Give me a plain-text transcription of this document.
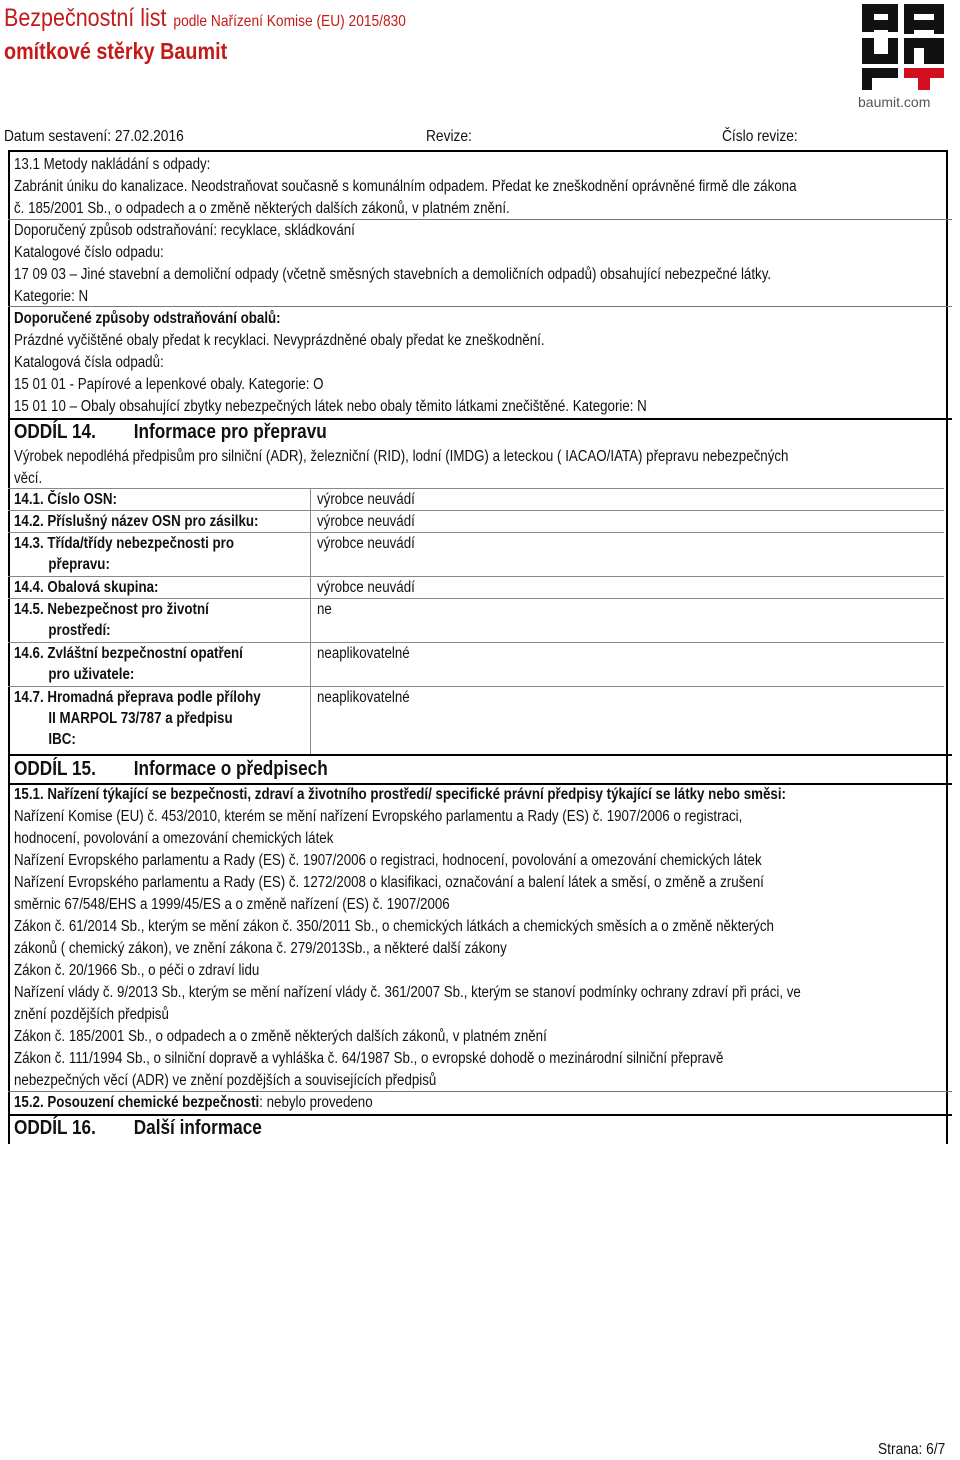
Bezpečnostní list podle Nařízení Komise (EU) 2015/830
omítkové stěrky Baumit
baumit.com
Datum sestavení: 27.02.2016	Revize:	Číslo revize:
13.1 Metody nakládání s odpady:
Zabránit úniku do kanalizace. Neodstraňovat současně s komunálním odpadem. Předat ke zneškodnění oprávněné firmě dle zákona
č. 185/2001 Sb., o odpadech a o změně některých dalších zákonů, v platném znění.
Doporučený způsob odstraňování: recyklace, skládkování
Katalogové číslo odpadu:
17 09 03 – Jiné stavební a demoliční odpady (včetně směsných stavebních a demoličních odpadů) obsahující nebezpečné látky.
Kategorie: N
Doporučené způsoby odstraňování obalů:
Prázdné vyčištěné obaly předat k recyklaci. Nevyprázdněné obaly předat ke zneškodnění.
Katalogová čísla odpadů:
15 01 01 - Papírové a lepenkové obaly. Kategorie: O
15 01 10 – Obaly obsahující zbytky nebezpečných látek nebo obaly těmito látkami znečištěné. Kategorie: N
ODDÍL 14. Informace pro přepravu
Výrobek nepodléhá předpisům pro silniční (ADR), železniční (RID), lodní (IMDG) a leteckou ( IACAO/IATA) přepravu nebezpečných
věcí.
14.1. Číslo OSN:	výrobce neuvádí
14.2. Příslušný název OSN pro zásilku:	výrobce neuvádí
14.3. Třída/třídy nebezpečnosti pro
přepravu:
výrobce neuvádí
14.4. Obalová skupina:	výrobce neuvádí
14.5. Nebezpečnost pro životní
prostředí:
ne
14.6. Zvláštní bezpečnostní opatření
pro uživatele:
neaplikovatelné
14.7. Hromadná přeprava podle přílohy
II MARPOL 73/787 a předpisu
IBC:
neaplikovatelné
ODDÍL 15. Informace o předpisech
15.1. Nařízení týkající se bezpečnosti, zdraví a životního prostředí/ specifické právní předpisy týkající se látky nebo směsi:
Nařízení Komise (EU) č. 453/2010, kterém se mění nařízení Evropského parlamentu a Rady (ES) č. 1907/2006 o registraci,
hodnocení, povolování a omezování chemických látek
Nařízení Evropského parlamentu a Rady (ES) č. 1907/2006 o registraci, hodnocení, povolování a omezování chemických látek
Nařízení Evropského parlamentu a Rady (ES) č. 1272/2008 o klasifikaci, označování a balení látek a směsí, o změně a zrušení
směrnic 67/548/EHS a 1999/45/ES a o změně nařízení (ES) č. 1907/2006
Zákon č. 61/2014 Sb., kterým se mění zákon č. 350/2011 Sb., o chemických látkách a chemických směsích a o změně některých
zákonů ( chemický zákon), ve znění zákona č. 279/2013Sb., a některé další zákony
Zákon č. 20/1966 Sb., o péči o zdraví lidu
Nařízení vlády č. 9/2013 Sb., kterým se mění nařízení vlády č. 361/2007 Sb., kterým se stanoví podmínky ochrany zdraví při práci, ve
znění pozdějších předpisů
Zákon č. 185/2001 Sb., o odpadech a o změně některých dalších zákonů, v platném znění
Zákon č. 111/1994 Sb., o silniční dopravě a vyhláška č. 64/1987 Sb., o evropské dohodě o mezinárodní silniční přepravě
nebezpečných věcí (ADR) ve znění pozdějších a souvisejících předpisů
15.2. Posouzení chemické bezpečnosti: nebylo provedeno
ODDÍL 16. Další informace
Strana: 6/7
